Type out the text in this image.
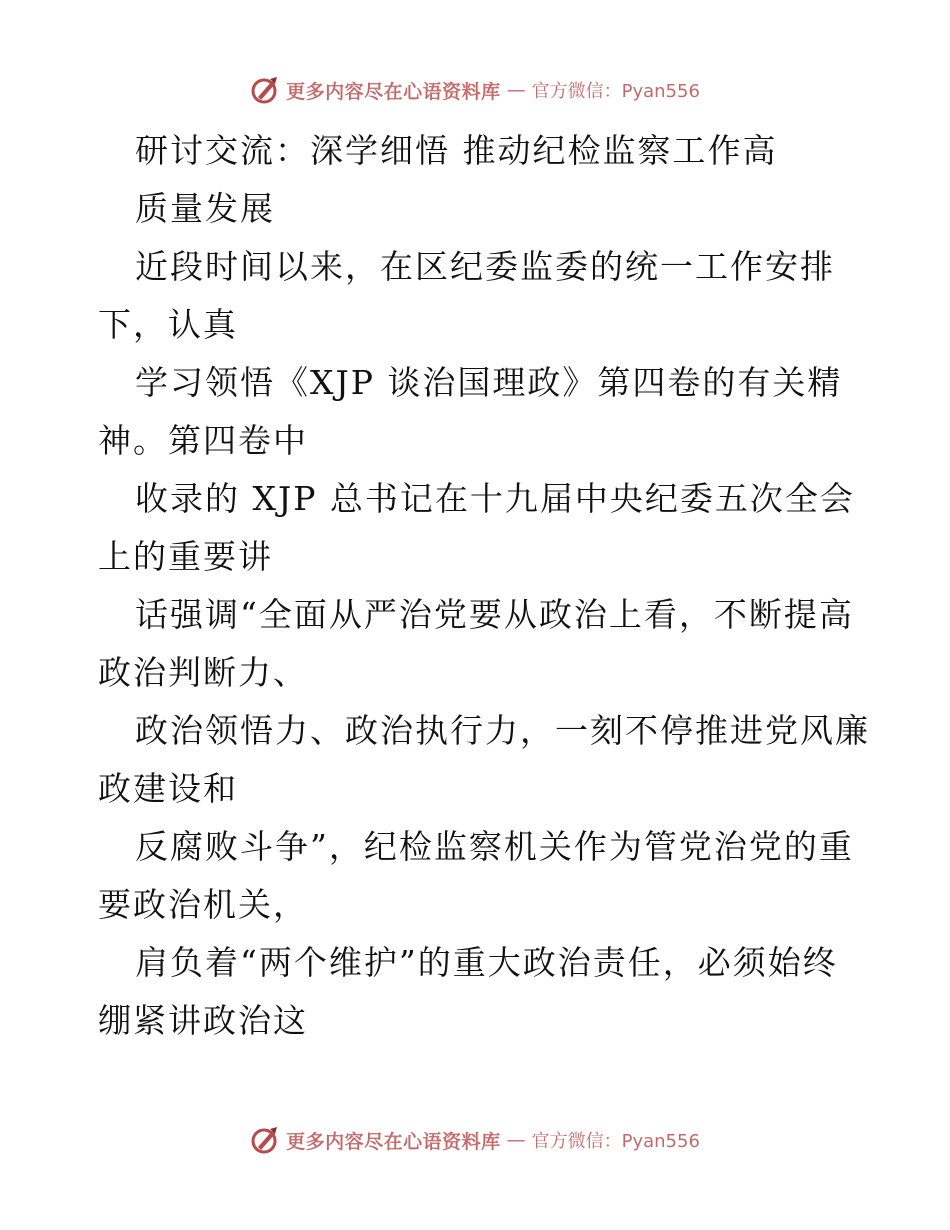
更多内容尽在心语资料库 — 官方微信：Pyan556
研讨交流：深学细悟 推动纪检监察工作高
质量发展
近段时间以来，在区纪委监委的统一工作安排
下，认真
学习领悟《XJP 谈治国理政》第四卷的有关精
神。第四卷中
收录的 XJP 总书记在十九届中央纪委五次全会
上的重要讲
话强调“全面从严治党要从政治上看，不断提高
政治判断力、
政治领悟力、政治执行力，一刻不停推进党风廉
政建设和
反腐败斗争”，纪检监察机关作为管党治党的重
要政治机关，
肩负着“两个维护”的重大政治责任，必须始终
绷紧讲政治这
更多内容尽在心语资料库 — 官方微信：Pyan556
